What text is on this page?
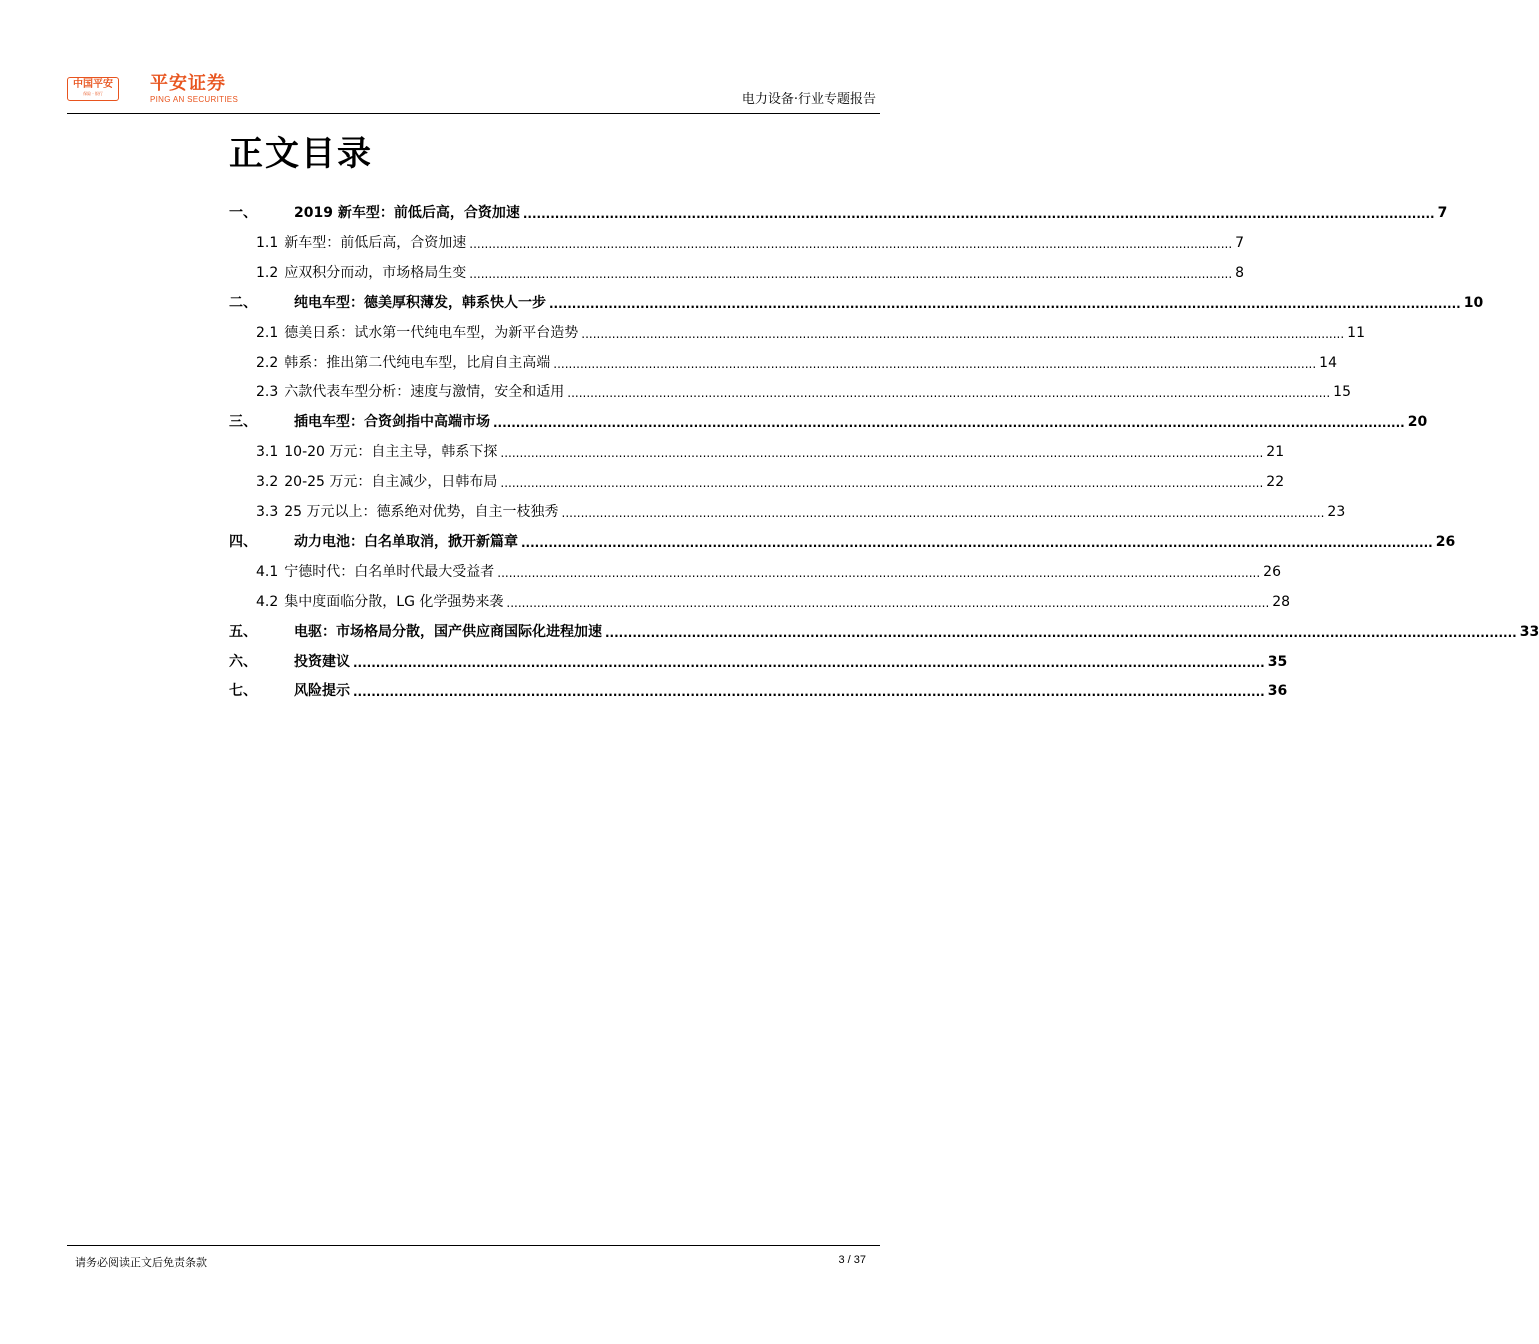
中国平安
保险 · 银行	平安证券
PING AN SECURITIES	电力设备·行业专题报告
正文目录
一、	2019 新车型：前低后高，合资加速 ........................................................................................................................................................................................................ 7
1.1 新车型：前低后高，合资加速 ........................................................................................................................................................................................................ 7
1.2 应双积分而动，市场格局生变 ........................................................................................................................................................................................................ 8
二、	纯电车型：德美厚积薄发，韩系快人一步 ........................................................................................................................................................................................................ 10
2.1 德美日系：试水第一代纯电车型，为新平台造势 ........................................................................................................................................................................................................ 11
2.2 韩系：推出第二代纯电车型，比肩自主高端 ........................................................................................................................................................................................................ 14
2.3 六款代表车型分析：速度与激情，安全和适用 ........................................................................................................................................................................................................ 15
三、	插电车型：合资剑指中高端市场 ........................................................................................................................................................................................................ 20
3.1 10-20 万元：自主主导，韩系下探 ........................................................................................................................................................................................................ 21
3.2 20-25 万元：自主减少，日韩布局 ........................................................................................................................................................................................................ 22
3.3 25 万元以上：德系绝对优势，自主一枝独秀 ........................................................................................................................................................................................................ 23
四、	动力电池：白名单取消，掀开新篇章 ........................................................................................................................................................................................................ 26
4.1 宁德时代：白名单时代最大受益者 ........................................................................................................................................................................................................ 26
4.2 集中度面临分散，LG 化学强势来袭 ........................................................................................................................................................................................................ 28
五、	电驱：市场格局分散，国产供应商国际化进程加速 ........................................................................................................................................................................................................ 33
六、	投资建议 ........................................................................................................................................................................................................ 35
七、	风险提示 ........................................................................................................................................................................................................ 36
请务必阅读正文后免责条款	3 / 37
